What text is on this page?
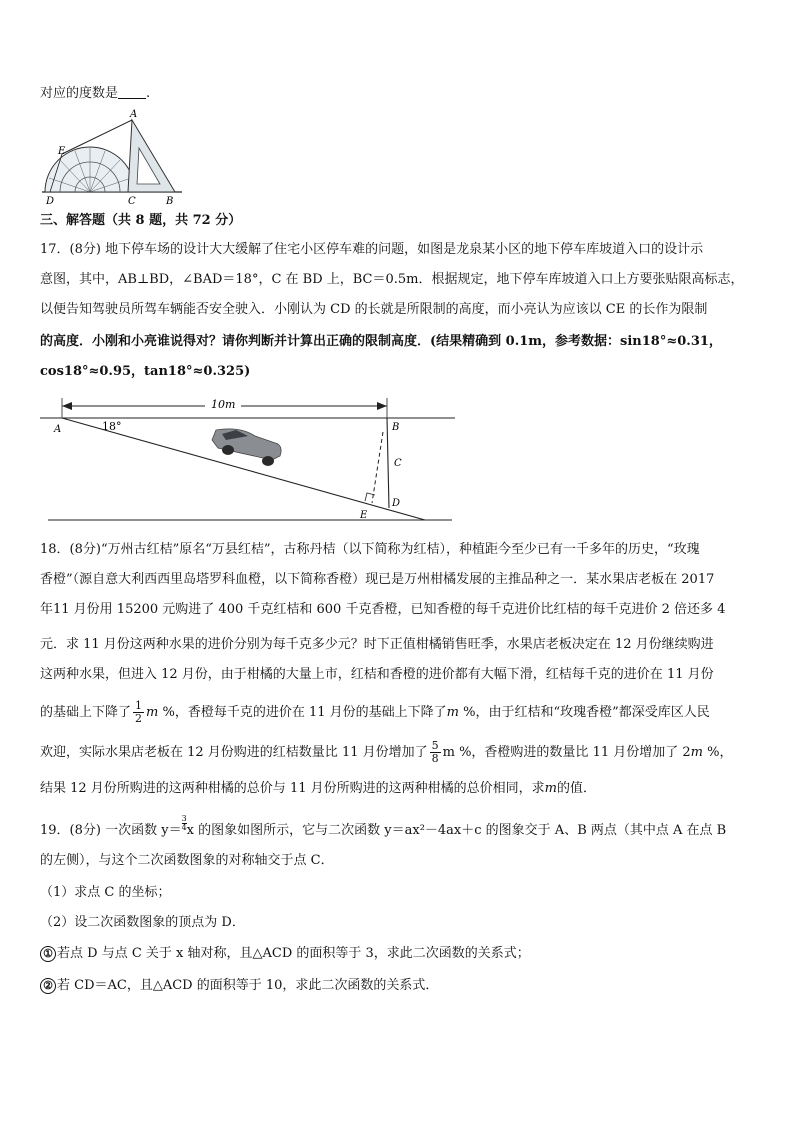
对应的度数是 .
A
E
D	C	B
三、解答题（共 8 题，共 72 分）
17．(8分) 地下停车场的设计大大缓解了住宅小区停车难的问题，如图是龙泉某小区的地下停车库坡道入口的设计示
意图，其中，AB⊥BD，∠BAD＝18°，C 在 BD 上，BC＝0.5m．根据规定，地下停车库坡道入口上方要张贴限高标志，
以便告知驾驶员所驾车辆能否安全驶入．小刚认为 CD 的长就是所限制的高度，而小亮认为应该以 CE 的长作为限制
的高度．小刚和小亮谁说得对？请你判断并计算出正确的限制高度．(结果精确到 0.1m，参考数据：sin18°≈0.31，
cos18°≈0.95，tan18°≈0.325)
10m
A	18°	B
C
D
E
18．(8分)“万州古红桔”原名“万县红桔”，古称丹桔（以下简称为红桔），种植距今至少已有一千多年的历史，“玫瑰
香橙”（源自意大利西西里岛塔罗科血橙，以下简称香橙）现已是万州柑橘发展的主推品种之一．某水果店老板在 2017
年11 月份用 15200 元购进了 400 千克红桔和 600 千克香橙，已知香橙的每千克进价比红桔的每千克进价 2 倍还多 4
元．求 11 月份这两种水果的进价分别为每千克多少元？时下正值柑橘销售旺季，水果店老板决定在 12 月份继续购进
这两种水果，但进入 12 月份，由于柑橘的大量上市，红桔和香橙的进价都有大幅下滑，红桔每千克的进价在 11 月份
的基础上下降了 $\frac{1}{2}$ m %，香橙每千克的进价在 11 月份的基础上下降了m %，由于红桔和“玫瑰香橙”都深受库区人民
欢迎，实际水果店老板在 12 月份购进的红桔数量比 11 月份增加了 $\frac{5}{8}$ m %，香橙购进的数量比 11 月份增加了 2m %，
结果 12 月份所购进的这两种柑橘的总价与 11 月份所购进的这两种柑橘的总价相同，求m的值．
19．(8分) 一次函数 $y= \frac{3}{4}$ x 的图象如图所示，它与二次函数 y＝ax²－4ax＋c 的图象交于 A、B 两点（其中点 A 在点 B
的左侧），与这个二次函数图象的对称轴交于点 C．
（1）求点 C 的坐标；
（2）设二次函数图象的顶点为 D．
① 若点 D 与点 C 关于 x 轴对称，且△ACD 的面积等于 3，求此二次函数的关系式；
② 若 CD＝AC，且△ACD 的面积等于 10，求此二次函数的关系式．
